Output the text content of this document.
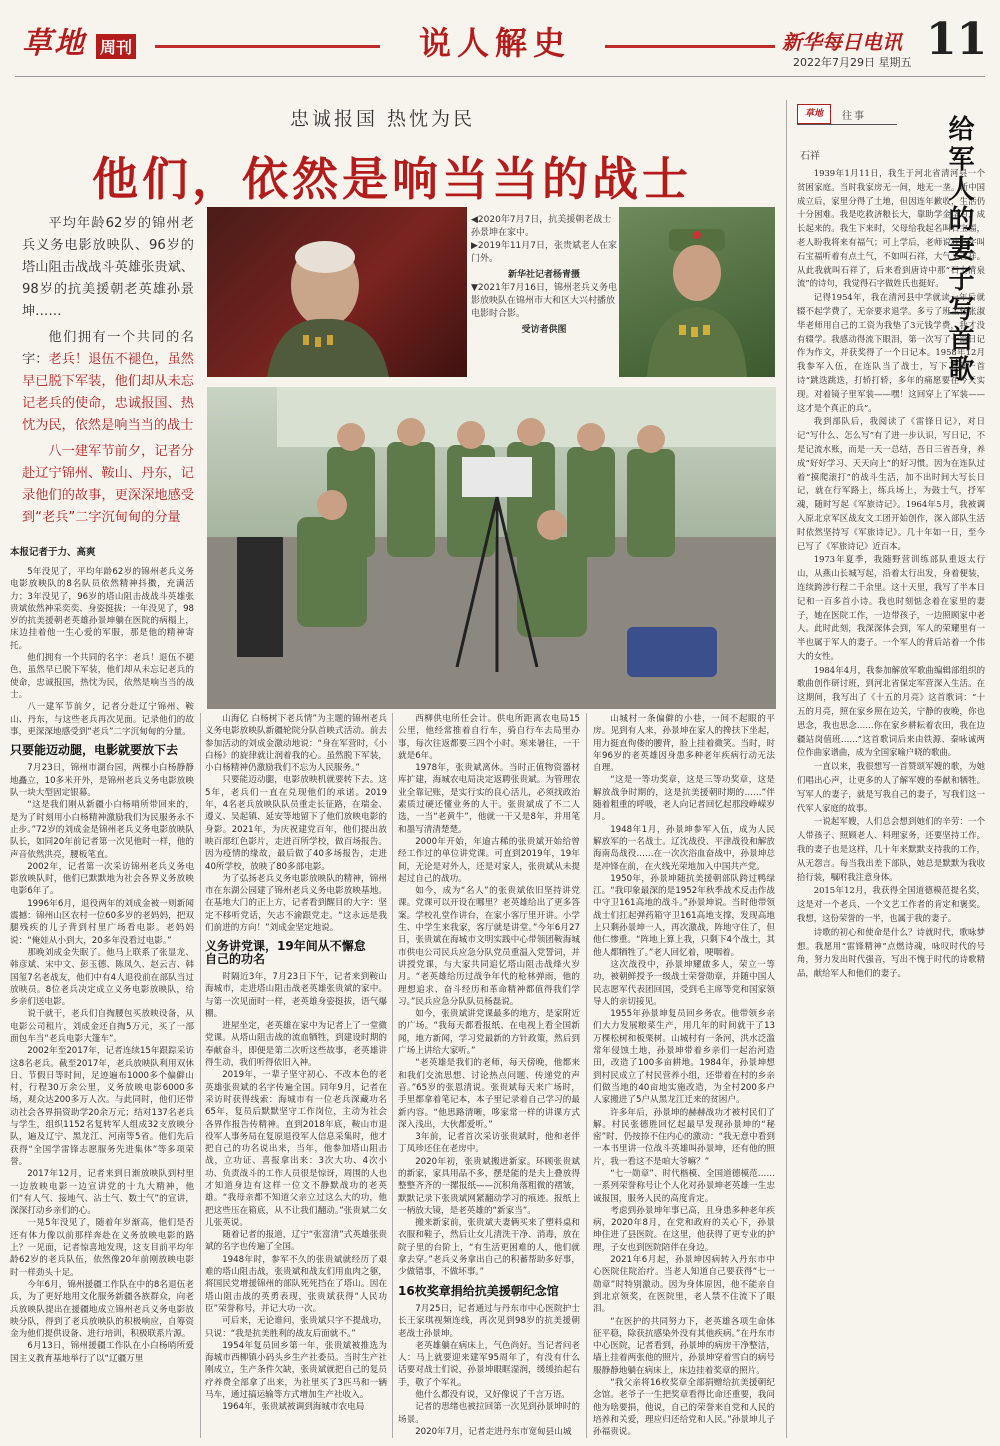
草地 周刊	说人解史	新华每日电讯 11
2022年7月29日 星期五
忠诚报国 热忱为民
他们，依然是响当当的战士

平均年龄62岁的锦州老兵义务电影放映队、96岁的塔山阻击战战斗英雄张贵斌、98岁的抗美援朝老英雄孙景坤……

他们拥有一个共同的名字：老兵！退伍不褪色，虽然早已脱下军装，他们却从未忘记老兵的使命，忠诚报国、热忱为民，依然是响当当的战士

八一建军节前夕，记者分赴辽宁锦州、鞍山、丹东，记录他们的故事，更深深地感受到“老兵”二字沉甸甸的分量

本报记者于力、高爽

◀2020年7月7日，抗美援朝老战士孙景坤在家中。

▶2019年11月7日，张贵斌老人在家门外。

新华社记者杨青摄

▼2021年7月16日，锦州老兵义务电影放映队在锦州市大和区大兴村播放电影时合影。

受访者供图

5年没见了，平均年龄62岁的锦州老兵义务电影放映队的8名队员依然精神抖擞，充满活力；3年没见了，96岁的塔山阻击战战斗英雄张贵斌依然神采奕奕、身姿挺拔；一年没见了，98岁的抗美援朝老英雄孙景坤躺在医院的病榻上，床边挂着他一生心爱的军服，那是他的精神寄托。

他们拥有一个共同的名字：老兵！退伍不褪色，虽然早已脱下军装，他们却从未忘记老兵的使命，忠诚报国，热忱为民，依然是响当当的战士。

八一建军节前夕，记者分赴辽宁锦州、鞍山、丹东，与这些老兵再次见面。记录他们的故事，更深深地感受到“老兵”二字沉甸甸的分量。

只要能迈动腿，电影就要放下去

7月23日，锦州市湖台园，两棵小白杨静静地矗立，10多米开外，是锦州老兵义务电影放映队一块大型固定银幕。

“这是我们刚从新疆小白杨哨所带回来的，是为了时刻用小白杨精神激励我们为民服务永不止步。”72岁的刘成金是锦州老兵义务电影放映队队长，如同20年前记者第一次见他时一样，他的声音依然洪亮，腰板笔直。

2002年，记者第一次采访锦州老兵义务电影放映队时，他们已默默地为社会各界义务放映电影6年了。

1996年6月，退役两年的刘成金被一则新闻震撼：锦州山区农村一位60多岁的老妈妈，把双腿残疾的儿子背到村里广场看电影。老妈妈说：“俺娃从小到大，20多年没看过电影。”

那晚刘成金失眠了。他马上联系了张显龙、韩彦斌、宋中文、彭玉德、陈凤久、赵云吉、韩国玺7名老战友，他们中有4人退役前在部队当过放映员。8位老兵决定成立义务电影放映队，给乡亲们送电影。

说干就干，老兵们自掏腰包买放映设备，从电影公司租片，刘成金还自掏5万元，买了一部面包车当“老兵电影大篷车”。

2002年至2017年，记者连续15年跟踪采访这8名老兵。截至2017年，老兵放映队利用双休日、节假日等时间，足迹遍布1000多个偏僻山村，行程30万余公里，义务放映电影6000多场，观众达200多万人次。与此同时，他们还带动社会各界捐资助学20余万元；结对137名老兵与学生，组织1152名复转军人组成32支放映分队，遍及辽宁、黑龙江、河南等5省。他们先后获得“全国学雷锋志愿服务先进集体”等多项荣誉。

2017年12月，记者来到日渐放映队到村里一边放映电影一边宣讲党的十九大精神，他们“有人气、接地气、沾土气、数士气”的宣讲，深深打动乡亲们的心。

一晃5年没见了，随着年岁渐高，他们是否还有体力像以前那样奔赴在义务放映电影的路上？一见面，记者惊喜地发现，这支目前平均年龄62岁的老兵队伍，依然像20年前刚放映电影时一样劲头十足。

今年6月，锦州援疆工作队在中的8名退伍老兵，为了更好地用文化服务新疆各族群众，向老兵放映队提出在援疆地成立锦州老兵义务电影放映分队，得到了老兵放映队的积极响应，自筹资金为他们提供设备、进行培训，积极联系片源。

6月13日，锦州援疆工作队在小白杨哨所爱国主义教育基地举行了以“辽疆万里

山海亿 白杨树下老兵情”为主题的锦州老兵义务电影放映队新疆轮院分队首映式活动。前去参加活动的刘成金激动地说：“身在军营时，《小白杨》的旋律就让润着我的心。虽然脱下军装，小白杨精神仍激励我们不忘为人民服务。”

只要能迈动腿，电影放映机就要转下去。这5年，老兵们一直在兑现他们的承诺。2019年，4名老兵放映队队员重走长征路，在瑞金、遵义、吴起镇、延安等地留下了他们放映电影的身影。2021年，为庆祝建党百年，他们提出放映百部红色影片，走进百所学校，做百场报告。因为疫情的缘故，最后做了40多场报告，走进40所学校，放映了80多部电影。

为了弘扬老兵义务电影放映队的精神，锦州市在东湖公园建了锦州老兵义务电影放映基地。在基地大门的正上方，记者看到醒目的大字：坚定不移听党话，矢志不渝跟党走。“这永远是我们前进的方向！”刘成金坚定地说。

义务讲党课，19年间从不懈怠
自己的功名

时隔近3年，7月23日下午，记者来到鞍山海城市，走进塔山阻击战老英雄张贵斌的家中。与第一次见面时一样，老英雄身姿挺拔，语气爆棚。

进屋坐定，老英雄在家中为记者上了一堂微党课。从塔山阻击战的流血牺牲，到建设时期的奉献奋斗，即便是第二次听这些故事，老英雄讲得生动，我们听得依旧入神。

2019年，一辈子坚守初心、不改本色的老英雄张贵斌的名字传遍全国。同年9月，记者在采访时获得线索：海城市有一位老兵深藏功名65年，复员后默默坚守工作岗位，主动为社会各界作报告传精神。直到2018年底，鞍山市退役军人事务局在复原退役军人信息采集时，他才把自己的功名说出来，当年，他参加塔山阻击战，立功证、喜报拿出来：3次大功、4次小功、负责战斗的工作人员很是惊讶，周围的人也才知道身边有这样一位文不静默战功的老英雄。“我母亲都不知道父亲立过这么大的功，他把这些压在箱底，从不让我们翻动。”张贵斌二女儿张英说。

随着记者的报道，辽宁“张富清”式英雄张贵斌的名字也传遍了全国。

1948年时，参军不久的张贵斌就经历了艰难的塔山阻击战，张贵斌和战友们用血肉之躯，将国民党增援锦州的部队死死挡在了塔山。因在塔山阻击战的英勇表现，张贵斌获得“人民功臣”荣誉称号，并记大功一次。

可后来，无论谁问，张贵斌只字不提战功，只说：“我是抗美胜利的战友后面就不。”

1954年复员回乡第一年，张贵斌被推选为海城市西柳镇小码头乡生产社委员。当时生产社刚成立，生产条件欠缺，张贵斌就把自己的复员疗养费全部拿了出来，为社里买了3匹马和一辆马车，通过搞运输等方式增加生产社收入。

1964年，张贵斌被调到海城市农电局

西柳供电所任会计。供电所距离农电局15公里，他经常推着自行车，骑自行车去局里办事，每次往返都要三四个小时。寒来暑往，一干就是6年。

1978年，张贵斌离休。当时正值物资器材库扩建，海城农电局决定返聘张贵斌。为管理农业全靠记账，是实行实的良心活儿，必须找政治素质过硬还懂业务的人干。张贵斌成了不二人选，一当“老黄牛”，他就一干又是8年，并用笔和墨写清清楚楚。

2000年开始，年逾古稀的张贵斌开始给曾经工作过的单位讲党课。可直到2019年，19年间，无论是对外人，还是对家人，张贵斌从未提起过自己的战功。

如今，成为“名人”的张贵斌依旧坚持讲党课。党课可以开设在哪里？老英雄给出了更多答案。学校礼堂作讲台，在家小客厅里开讲。小学生、中学生来我家，客厅就是讲堂。”今年6月27日，张贵斌在海城市文明实践中心带领团鞍海城市供电公司民兵应急分队党员重温入党誓词，并讲授党课，与大家共同追忆塔山阻击战烽火岁月。“老英雄给历过战争年代的枪林弹雨，他的理想追求、奋斗经历和革命精神都值得我们学习。”民兵应急分队队员杨磊说。

如今，张贵斌讲党课最多的地方，是家附近的广场。“我每天都看报纸、在电视上看全国新闻，地方新闻，学习党最新的方针政策，然后到广场上讲给大家听。”

“老英雄是我们的老师，每天傍晚，他都来和我们交流思想、讨论热点问题、传递党的声音。”65岁的张恩清说。张贵斌每天来广场时，手里都拿着笔记本，本子里记录着自己学习的最新内容。“他思路清晰，哆家常一样的讲课方式深入浅出，大伙都爱听。”

3年前，记者首次采访张贵斌时，他和老伴丁凤珍还住在老房中。

2020年初，张贵斌搬进新家。环顾张贵斌的新家，家具用品不多，摆是能的是夫上叠放得整整齐齐的一摞报纸——沉积角落粗微的褶皱，默默记录下张贵斌网紧翻动学习的痕迹。报纸上一柄放大镜，是老英雄的“新家当”。

搬来新家前，张贵斌夫妻俩买来了塑料桌和衣服和鞋子，然后让女儿清洗干净、消毒，放在院子里的台阶上，“有生活更困难的人，他们就拿去穿。”老兵义务拿出自己的积蓄帮助多好事，少做错事，不做坏事。”

16枚奖章捐给抗美援朝纪念馆

7月25日，记者通过与丹东市中心医院护士长王家琪视频连线，再次见到98岁的抗美援朝老战士孙景坤。

老英雄躺在病床上，气色尚好。当记者问老人：马上就要迎来建军95周年了，有没有什么话要对战士们说，孙景坤眼眶湿润，缓缓抬起右手，敬了个军礼。

他什么都没有说，又好像说了千言万语。

记者的思绪也被拉回第一次见到孙景坤时的场景。

2020年7月，记者走进丹东市宽甸县山城

山城村一条偏僻的小巷，一间不起眼的平房。见到有人来，孙景坤在家人的搀扶下坐起，用力挺直佝偻的腰背，脸上挂着微笑。当时，时年96岁的老英雄因身患多种老年疾病行动无法自理。

“这是一等功奖章，这是三等功奖章，这是解放战争时期的，这是抗美援朝时期的……”伴随着粗重的呼吸，老人向记者回忆起那段峥嵘岁月。

1948年1月，孙景坤参军入伍，成为人民解放军的一名战士。辽沈战役、平津战役和解放海南岛战役……在一次次浴血奋战中，孙景坤总是冲锋在前，在火线光荣地加入中国共产党。

1950年，孙景坤随抗美援朝部队跨过鸭绿江。“我印象最深的是1952年秋季战术反击作战中守卫161高地的战斗。”孙景坤说。当时他带领战士们扛起弹药箱守卫161高地支撑，发现高地上只剩孙景坤一人，再次激战，阵地守住了，但他仁惨重。“阵地上算上我，只剩下4个战士，其他人都牺牲了。”老人回忆着，哽咽着。

这次战役中，孙景坤耀啟多人，荣立一等功，被朝鲜授予一级战士荣誉勋章，并随中国人民志愿军代表团回国，受到毛主席等党和国家领导人的亲切接见。

1955年孙景坤复员回乡务农。他带领乡亲们大力发展粮菜生产，用几年的时间就干了13万棵松树和板栗树。山城村有一条河，洪水泛滥常年侵蚀土地，孙景坤带着乡亲们一起治河造田，改造了100多亩耕地。1984年，孙景坤想到村民成立了村民营养小组，还带着在村的乡亲们做当地的40亩地实施改造，为全村200多户人家搬进了5户从黑龙江迁来的贫困户。

许多年后，孙景坤的赫赫战功才被村民们了解。村民张德胜回忆起最早发现孙景坤的“秘密”时，仍按捺不住内心的激动：“我无意中看到一本书里讲一位战斗英雄叫孙景坤，还有他的照片，我一看这不是咱大爷嘛？”

“七一勋章”、时代楷模、全国道德模范……一系列荣誉称号让个人化对孙景坤老英雄一生忠诚报国，服务人民的高度肯定。

考虑到孙景坤年事已高，且身患多种老年疾病，2020年8月，在党和政府的关心下，孙景坤住进了县医院。在这里，他获得了更专业的护理，子女也到医院陪伴在身边。

2021年6月起，孙景坤因病转入丹东市中心医院住院治疗。当老人知道自己要获得“七一勋章”时特别激动。因为身体原因，他不能亲自到北京领奖，在医院里，老人禁不住流下了眼泪。

“在医护的共同努力下，老英雄各项生命体征平稳，除获抗感染外没有其他疾病。”在丹东市中心医院，记者看到，孙景坤的病房干净整洁，墙上挂着两张他的照片，孙景坤穿着雪白的病号服静静地躺在病床上，床边挂着奖章的照片。

“我父亲将16枚奖章全部捐赠给抗美援朝纪念馆。老爷子一生把奖章看得比命还重要，我问他为啥要捐，他说，自己的荣誉来自党和人民的培养和关爱，理应归还给党和人民。”孙景坤儿子孙福贵说。

草地	往事	给军人的妻子写首歌
石祥

1939年1月11日，我生于河北省清河县一个贫困家庭。当时我家房无一间，地无一垄。新中国成立后，家里分得了土地，但因连年歉收，生活仍十分困难。我是吃救济粮长大，靠助学金学习，成长起来的。我生下来时，父母给我起名叫石宝福，老人盼我将来有福气；可上学后，老师说我名字叫石宝福听着有点土气，不如叫石祥，大气又吉祥。从此我就叫石祥了，后来看到唐诗中那“石上清泉流”的诗句，我觉得石字做姓氏也挺好。

记得1954年，我在清河县中学就读一年后就辍不起学费了，无奈要求退学。多亏了班主任张淑华老师用自己的工资为我垫了3元钱学费，我才没有辍学。我感动得流下眼泪，第一次写了一篇日记作为作文，并获奖得了一个日记本。1958年12月我参军入伍，在连队当了战士，写下了第一首诗“跳迭跳迭，打轿打轿，多年的痛愿要在今天实现。对着镜子里军装——嘿！这回穿上了军装——这才是个真正的兵”。

我到部队后，我阅读了《雷锋日记》，对日记“写什么、怎么写”有了进一步认识，写日记，不是记流水账，而是一天一总结，吾日三省吾身，养成“好好学习、天天向上”的好习惯。因为在连队过着“摸爬滚打”的战斗生活，加不出时间大写长日记，就在行军路上，练兵场上，为鼓士气，抒军魂，随时写起《军旅诗记》。1964年5月，我被调入原北京军区战友文工团开始创作，深入部队生活时依然坚持写《军旅诗记》。几十年如一日，至今已写了《军旅诗记》近百本。

1973年夏季，我随野营训练部队重返太行山，从燕山长城写起，沿着太行出发，身着便装，连续跨涉行程二千余里。这十天里，我写了半本日记和一百多首小诗。我也时刻惦念着在家里的妻子，她在医院工作，一边带孩子，一边照顾家中老人。此时此刻，我深深体会到，军人的荣耀里有一半也属于军人的妻子。一个军人的背后站着一个伟大的女性。

1984年4月，我参加解放军歌曲编辑部组织的歌曲创作研讨班，到河北省保定军营深入生活。在这期间，我写出了《十五的月亮》这首歌词：“十五的月亮，照在家乡照在边关，宁静的夜晚，你也思念，我也思念……你在家乡耕耘着农田，我在边疆站岗值班……”这首歌词后来由铁源、秦咏诚两位作曲家谱曲，成为全国家喻户晓的歌曲。

一直以来，我很想写一首赞颂军嫂的歌，为她们唱出心声，让更多的人了解军嫂的奉献和牺牲。写军人的妻子，就是写我自己的妻子，写我们这一代军人家庭的故事。

一说起军嫂，人们总会想到她们的辛劳：一个人带孩子、照顾老人、料理家务，还要坚持工作。我的妻子也是这样，几十年来默默支持我的工作，从无怨言。每当我出差下部队，她总是默默为我收拾行装，嘱咐我注意身体。

2015年12月，我获得全国道德模范提名奖，这是对一个老兵、一个文艺工作者的肯定和褒奖。我想，这份荣誉的一半，也属于我的妻子。

诗歌的初心和使命是什么？诗就时代，歌咏梦想。我愿用“雷锋精神”点燃诗魂，咏叹时代的号角，努力发出时代强音，写出不愧于时代的诗歌精品，献给军人和他们的妻子。
